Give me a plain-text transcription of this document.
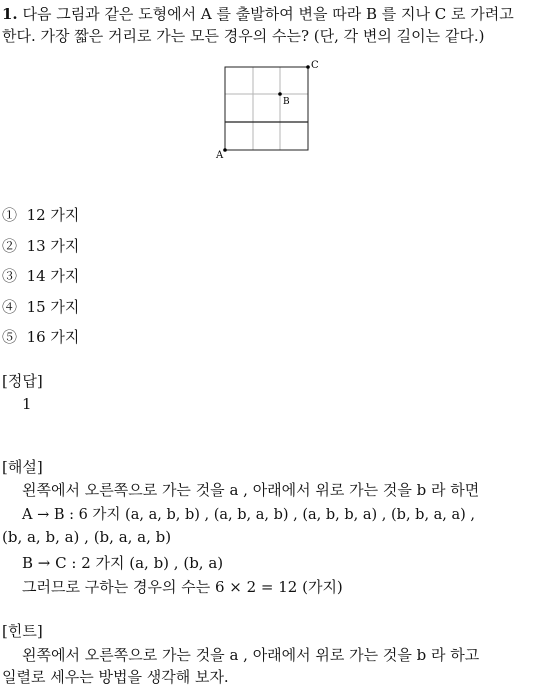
1. 다음 그림과 같은 도형에서 A 를 출발하여 변을 따라 B 를 지나 C 로 가려고
한다. 가장 짧은 거리로 가는 모든 경우의 수는? (단, 각 변의 길이는 같다.)
A
B
C
① 12 가지
② 13 가지
③ 14 가지
④ 15 가지
⑤ 16 가지
[정답]
1
[해설]
왼쪽에서 오른쪽으로 가는 것을 a , 아래에서 위로 가는 것을 b 라 하면
A → B : 6 가지 (a, a, b, b) , (a, b, a, b) , (a, b, b, a) , (b, b, a, a) ,
(b, a, b, a) , (b, a, a, b)
B → C : 2 가지 (a, b) , (b, a)
그러므로 구하는 경우의 수는 6 × 2 = 12 (가지)
[힌트]
왼쪽에서 오른쪽으로 가는 것을 a , 아래에서 위로 가는 것을 b 라 하고
일렬로 세우는 방법을 생각해 보자.
